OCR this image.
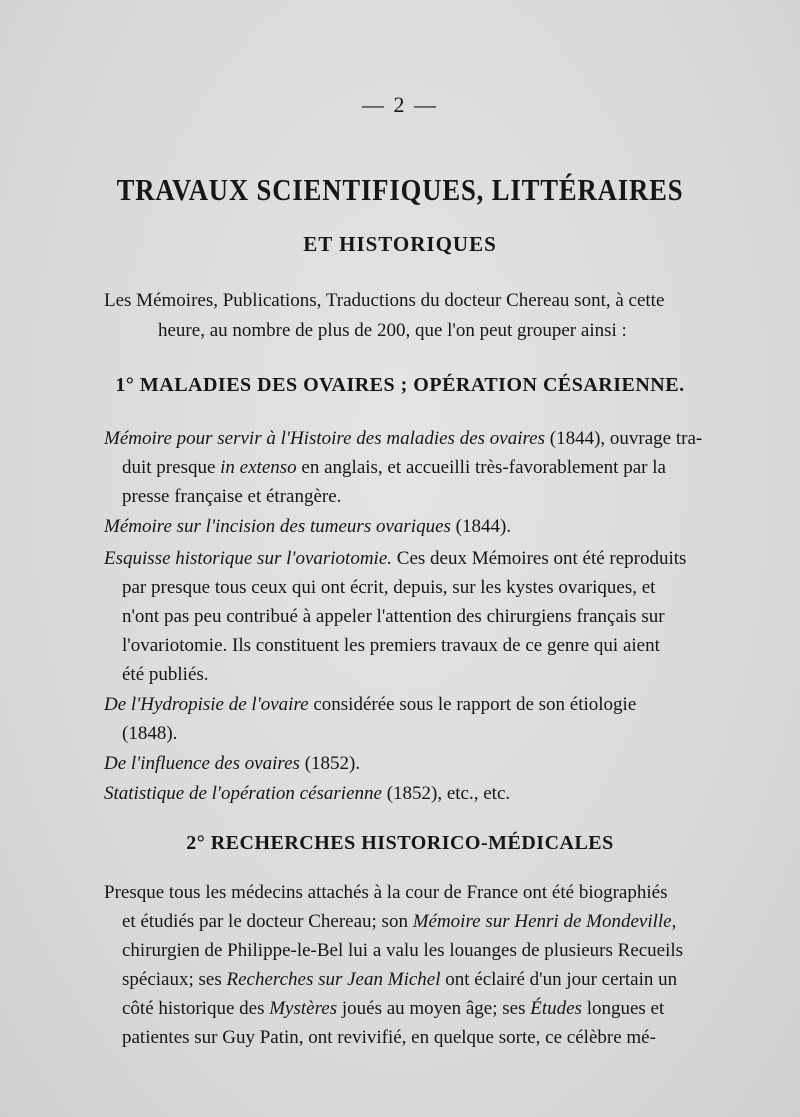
— 2 —
TRAVAUX SCIENTIFIQUES, LITTÉRAIRES
ET HISTORIQUES
Les Mémoires, Publications, Traductions du docteur Chereau sont, à cette
heure, au nombre de plus de 200, que l'on peut grouper ainsi :
1° MALADIES DES OVAIRES ; OPÉRATION CÉSARIENNE.
Mémoire pour servir à l'Histoire des maladies des ovaires (1844), ouvrage tra-
duit presque in extenso en anglais, et accueilli très-favorablement par la
presse française et étrangère.
Mémoire sur l'incision des tumeurs ovariques (1844).
Esquisse historique sur l'ovariotomie. Ces deux Mémoires ont été reproduits
par presque tous ceux qui ont écrit, depuis, sur les kystes ovariques, et
n'ont pas peu contribué à appeler l'attention des chirurgiens français sur
l'ovariotomie. Ils constituent les premiers travaux de ce genre qui aient
été publiés.
De l'Hydropisie de l'ovaire considérée sous le rapport de son étiologie
(1848).
De l'influence des ovaires (1852).
Statistique de l'opération césarienne (1852), etc., etc.
2° RECHERCHES HISTORICO-MÉDICALES
Presque tous les médecins attachés à la cour de France ont été biographiés
et étudiés par le docteur Chereau; son Mémoire sur Henri de Mondeville,
chirurgien de Philippe-le-Bel lui a valu les louanges de plusieurs Recueils
spéciaux; ses Recherches sur Jean Michel ont éclairé d'un jour certain un
côté historique des Mystères joués au moyen âge; ses Études longues et
patientes sur Guy Patin, ont revivifié, en quelque sorte, ce célèbre mé-
